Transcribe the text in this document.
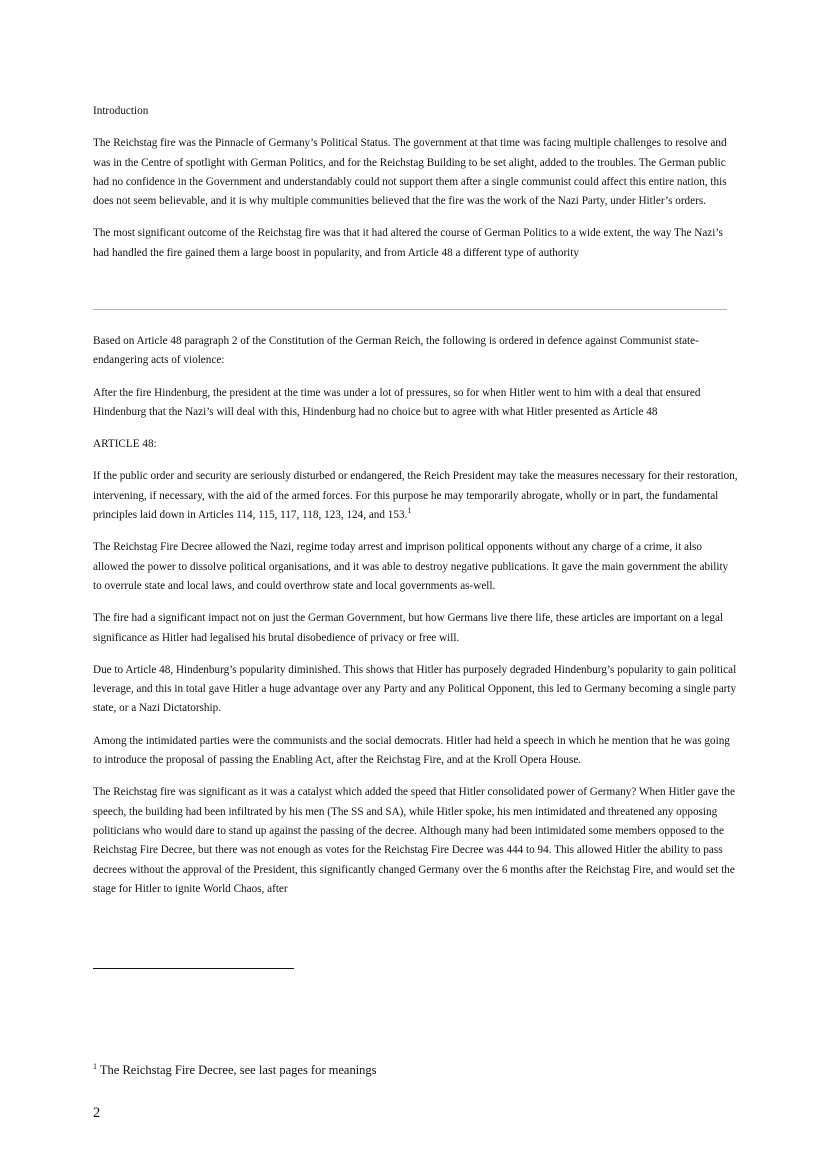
Introduction

The Reichstag fire was the Pinnacle of Germany’s Political Status. The government at that time was facing multiple challenges to resolve and was in the Centre of spotlight with German Politics, and for the Reichstag Building to be set alight, added to the troubles. The German public had no confidence in the Government and understandably could not support them after a single communist could affect this entire nation, this does not seem believable, and it is why multiple communities believed that the fire was the work of the Nazi Party, under Hitler’s orders.

The most significant outcome of the Reichstag fire was that it had altered the course of German Politics to a wide extent, the way The Nazi’s had handled the fire gained them a large boost in popularity, and from Article 48 a different type of authority

Based on Article 48 paragraph 2 of the Constitution of the German Reich, the following is ordered in defence against Communist state-endangering acts of violence:

After the fire Hindenburg, the president at the time was under a lot of pressures, so for when Hitler went to him with a deal that ensured Hindenburg that the Nazi’s will deal with this, Hindenburg had no choice but to agree with what Hitler presented as Article 48

ARTICLE 48:

If the public order and security are seriously disturbed or endangered, the Reich President may take the measures necessary for their restoration, intervening, if necessary, with the aid of the armed forces. For this purpose he may temporarily abrogate, wholly or in part, the fundamental principles laid down in Articles 114, 115, 117, 118, 123, 124, and 153.$^1$

The Reichstag Fire Decree allowed the Nazi, regime today arrest and imprison political opponents without any charge of a crime, it also allowed the power to dissolve political organisations, and it was able to destroy negative publications. It gave the main government the ability to overrule state and local laws, and could overthrow state and local governments as-well.

The fire had a significant impact not on just the German Government, but how Germans live there life, these articles are important on a legal significance as Hitler had legalised his brutal disobedience of privacy or free will.

Due to Article 48, Hindenburg’s popularity diminished. This shows that Hitler has purposely degraded Hindenburg’s popularity to gain political leverage, and this in total gave Hitler a huge advantage over any Party and any Political Opponent, this led to Germany becoming a single party state, or a Nazi Dictatorship.

Among the intimidated parties were the communists and the social democrats. Hitler had held a speech in which he mention that he was going to introduce the proposal of passing the Enabling Act, after the Reichstag Fire, and at the Kroll Opera House.

The Reichstag fire was significant as it was a catalyst which added the speed that Hitler consolidated power of Germany? When Hitler gave the speech, the building had been infiltrated by his men (The SS and SA), while Hitler spoke, his men intimidated and threatened any opposing politicians who would dare to stand up against the passing of the decree. Although many had been intimidated some members opposed to the Reichstag Fire Decree, but there was not enough as votes for the Reichstag Fire Decree was 444 to 94. This allowed Hitler the ability to pass decrees without the approval of the President, this significantly changed Germany over the 6 months after the Reichstag Fire, and would set the stage for Hitler to ignite World Chaos, after

$^1$ The Reichstag Fire Decree, see last pages for meanings
2
